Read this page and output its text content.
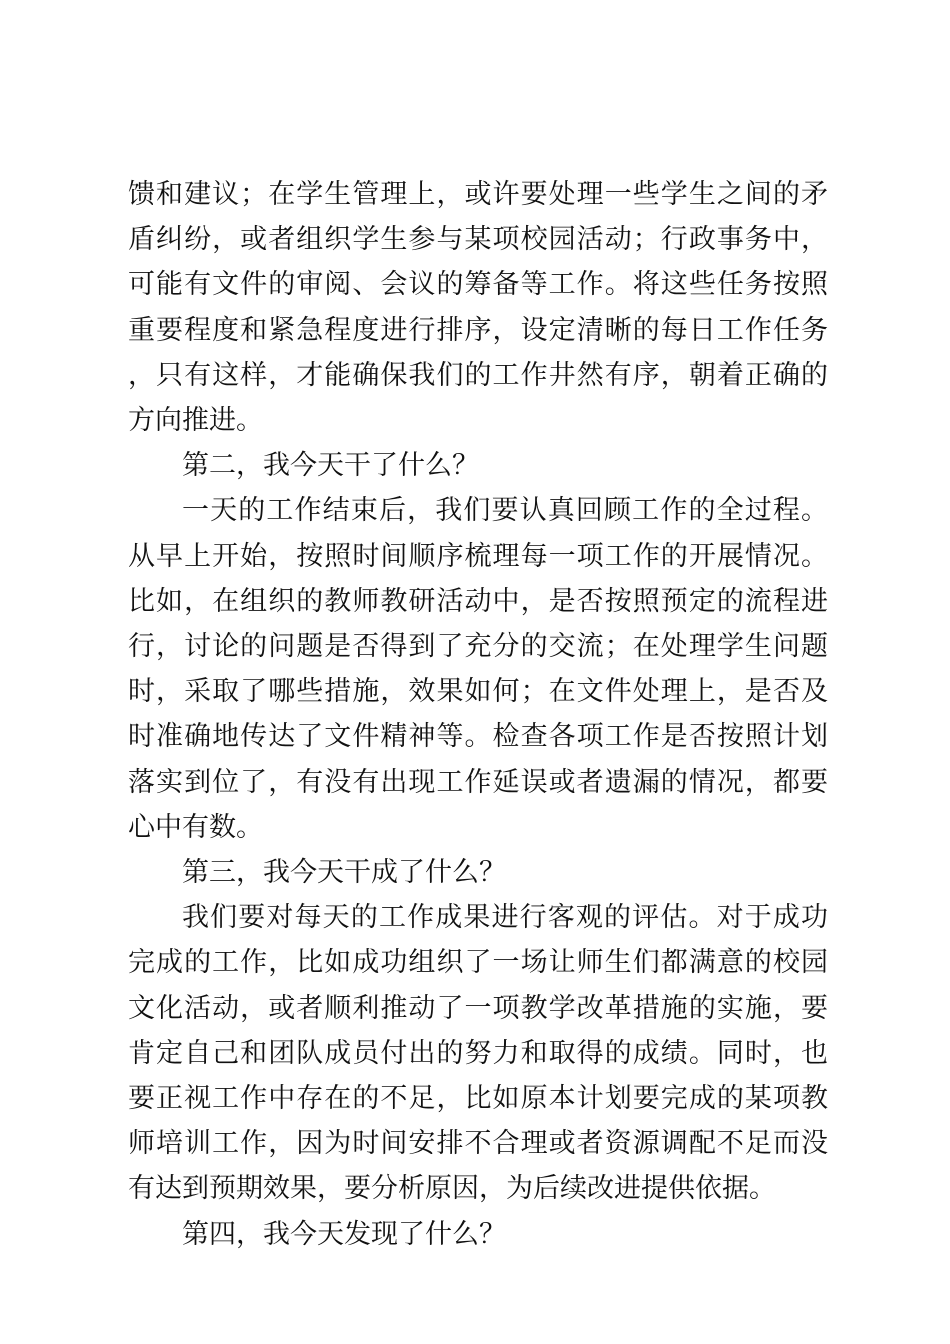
馈和建议；在学生管理上，或许要处理一些学生之间的矛盾纠纷，或者组织学生参与某项校园活动；行政事务中，可能有文件的审阅、会议的筹备等工作。将这些任务按照重要程度和紧急程度进行排序，设定清晰的每日工作任务，只有这样，才能确保我们的工作井然有序，朝着正确的方向推进。

第二，我今天干了什么？

一天的工作结束后，我们要认真回顾工作的全过程。从早上开始，按照时间顺序梳理每一项工作的开展情况。比如，在组织的教师教研活动中，是否按照预定的流程进行，讨论的问题是否得到了充分的交流；在处理学生问题时，采取了哪些措施，效果如何；在文件处理上，是否及时准确地传达了文件精神等。检查各项工作是否按照计划落实到位了，有没有出现工作延误或者遗漏的情况，都要心中有数。

第三，我今天干成了什么？

我们要对每天的工作成果进行客观的评估。对于成功完成的工作，比如成功组织了一场让师生们都满意的校园文化活动，或者顺利推动了一项教学改革措施的实施，要肯定自己和团队成员付出的努力和取得的成绩。同时，也要正视工作中存在的不足，比如原本计划要完成的某项教师培训工作，因为时间安排不合理或者资源调配不足而没有达到预期效果，要分析原因，为后续改进提供依据。

第四，我今天发现了什么？
